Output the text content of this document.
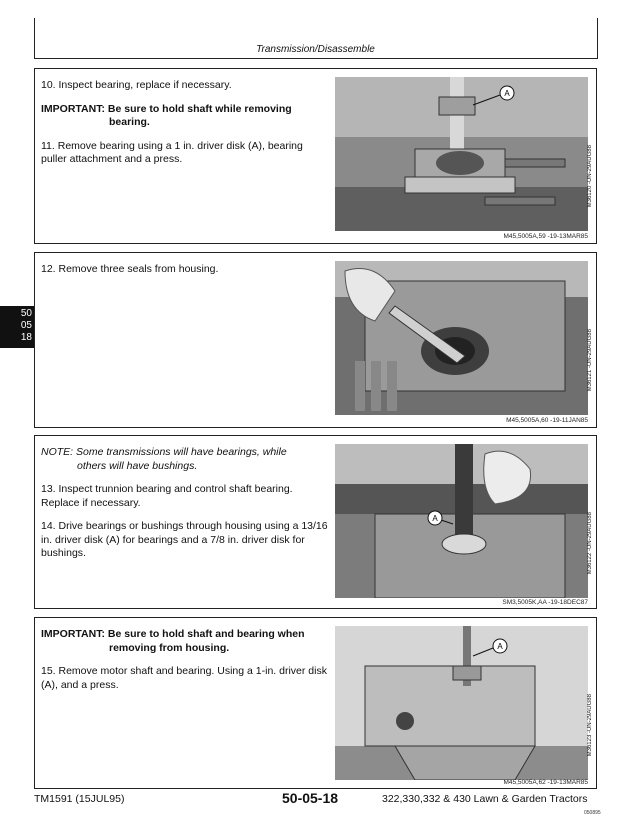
Transmission/Disassemble
50
05
18

10. Inspect bearing, replace if necessary.

IMPORTANT: Be sure to hold shaft while removing
bearing.

11. Remove bearing using a 1 in. driver disk (A), bearing puller attachment and a press.

A
M36120 -UN-29AUG88
M45,5005A,59 -19-13MAR85

12. Remove three seals from housing.

M36121 -UN-29AUG88
M45,5005A,60 -19-11JAN85

NOTE: Some transmissions will have bearings, while
others will have bushings.

13. Inspect trunnion bearing and control shaft bearing. Replace if necessary.

14. Drive bearings or bushings through housing using a 13/16 in. driver disk (A) for bearings and a 7/8 in. driver disk for bushings.

A	M36122 -UN-29AUG88
SM3,5005K,AA -19-18DEC87

IMPORTANT: Be sure to hold shaft and bearing when
removing from housing.

15. Remove motor shaft and bearing. Using a 1-in. driver disk (A), and a press.

A
M36123 -UN-29AUG88
M45,5005A,62 -19-13MAR85
TM1591 (15JUL95)	50-05-18	322,330,332 & 430 Lawn & Garden Tractors
050895
